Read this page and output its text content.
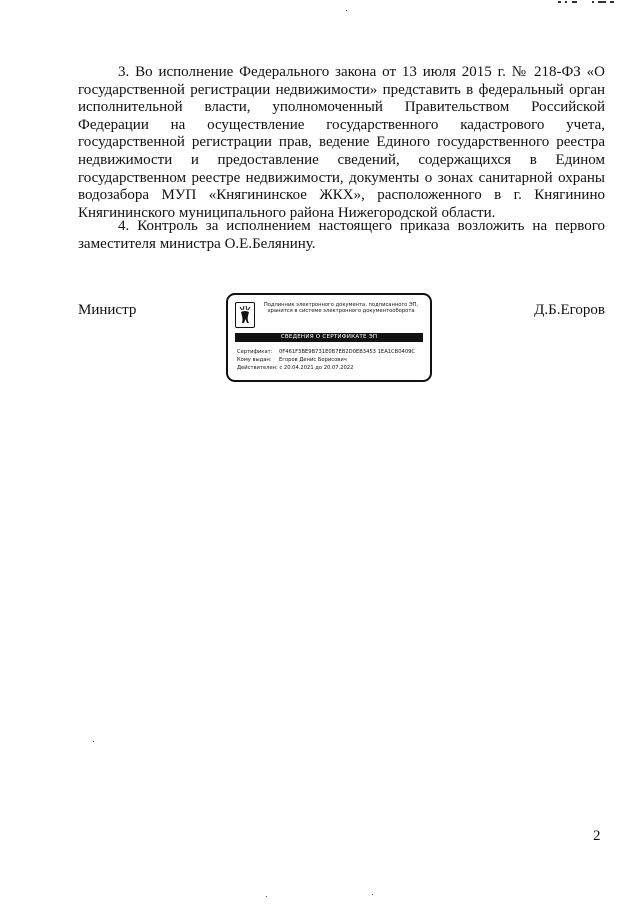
3. Во исполнение Федерального закона от 13 июля 2015 г. № 218-ФЗ «О государственной регистрации недвижимости» представить в федеральный орган исполнительной власти, уполномоченный Правительством Российской Федерации на осуществление государственного кадастрового учета, государственной регистрации прав, ведение Единого государственного реестра недвижимости и предоставление сведений, содержащихся в Едином государственном реестре недвижимости, документы о зонах санитарной охраны водозабора МУП «Княгининское ЖКХ», расположенного в г. Княгинино Княгининского муниципального района Нижегородской области.

4. Контроль за исполнением настоящего приказа возложить на первого заместителя министра О.Е.Белянину.

Министр	Д.Б.Егоров
Подлинник электронного документа, подписанного ЭП, хранится в системе электронного документооборота
СВЕДЕНИЯ О СЕРТИФИКАТЕ ЭП
Сертификат: 0F461F3BE9B731E0B7EB2D0EB3453 1EA1CB0409C
Кому выдан: Егоров Денис Борисович
Действителен: с 20.04.2021 до 20.07.2022
2
